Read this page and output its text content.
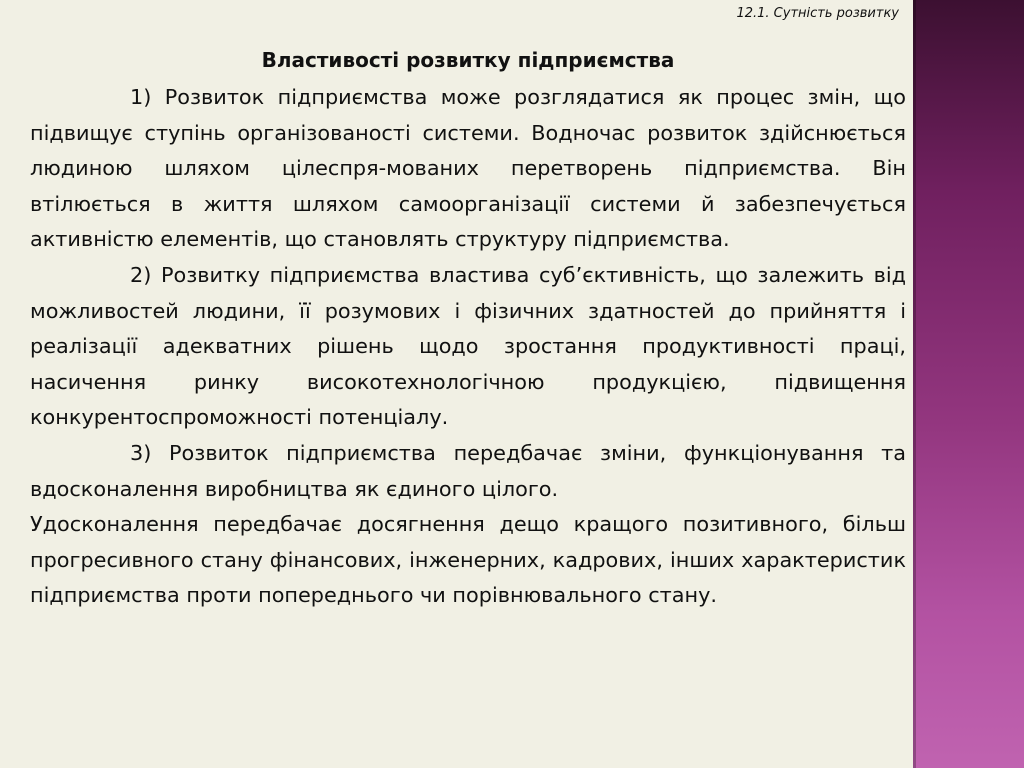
12.1. Сутність розвитку
Властивості розвитку підприємства

1) Розвиток підприємства може розглядатися як процес змін, що підвищує ступінь організованості системи. Водночас розвиток здійснюється людиною шляхом цілеспря-мованих перетворень підприємства. Він втілюється в життя шляхом самоорганізації системи й забезпечується активністю елементів, що становлять структуру підприємства.

2) Розвитку підприємства властива суб’єктивність, що залежить від можливостей людини, її розумових і фізичних здатностей до прийняття і реалізації адекватних рішень щодо зростання продуктивності праці, насичення ринку високотехнологічною продукцією, підвищення конкурентоспроможності потенціалу.

3) Розвиток підприємства передбачає зміни, функціонування та вдосконалення виробництва як єдиного цілого.

Удосконалення передбачає досягнення дещо кращого позитивного, більш прогресивного стану фінансових, інженерних, кадрових, інших характеристик підприємства проти попереднього чи порівнювального стану.
